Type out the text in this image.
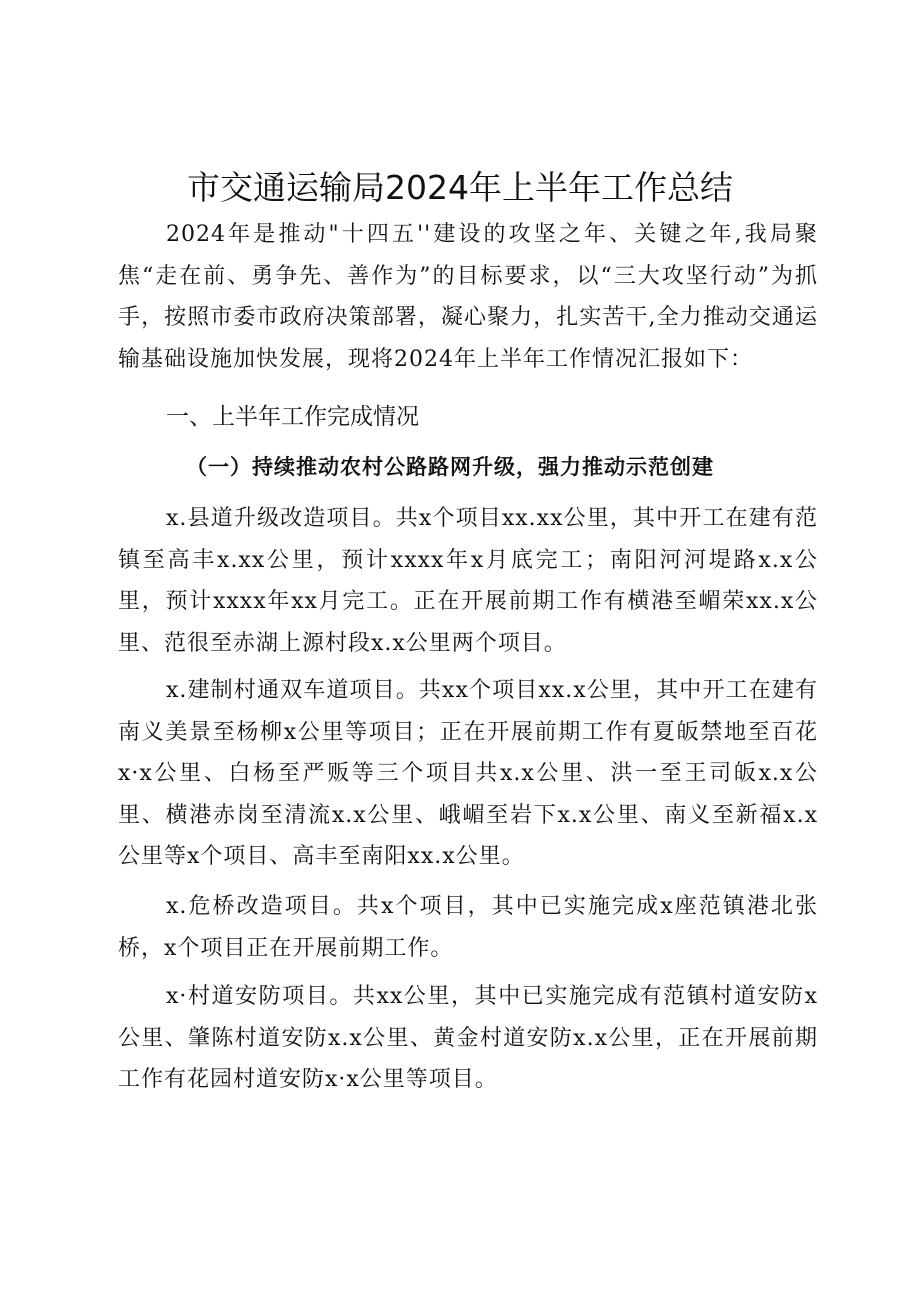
市交通运输局2024年上半年工作总结

2024年是推动"十四五''建设的攻坚之年、关键之年,我局聚焦“走在前、勇争先、善作为”的目标要求，以“三大攻坚行动”为抓手，按照市委市政府决策部署，凝心聚力，扎实苦干,全力推动交通运输基础设施加快发展，现将2024年上半年工作情况汇报如下：

一、上半年工作完成情况
（一）持续推动农村公路路网升级，强力推动示范创建

x.县道升级改造项目。共x个项目xx.xx公里，其中开工在建有范镇至高丰x.xx公里，预计xxxx年x月底完工；南阳河河堤路x.x公里，预计xxxx年xx月完工。正在开展前期工作有横港至嵋荣xx.x公里、范很至赤湖上源村段x.x公里两个项目。

x.建制村通双车道项目。共xx个项目xx.x公里，其中开工在建有南义美景至杨柳x公里等项目；正在开展前期工作有夏皈禁地至百花x·x公里、白杨至严贩等三个项目共x.x公里、洪一至王司皈x.x公里、横港赤岗至清流x.x公里、峨嵋至岩下x.x公里、南义至新福x.x公里等x个项目、高丰至南阳xx.x公里。

x.危桥改造项目。共x个项目，其中已实施完成x座范镇港北张桥，x个项目正在开展前期工作。

x·村道安防项目。共xx公里，其中已实施完成有范镇村道安防x公里、肇陈村道安防x.x公里、黄金村道安防x.x公里，正在开展前期工作有花园村道安防x·x公里等项目。
